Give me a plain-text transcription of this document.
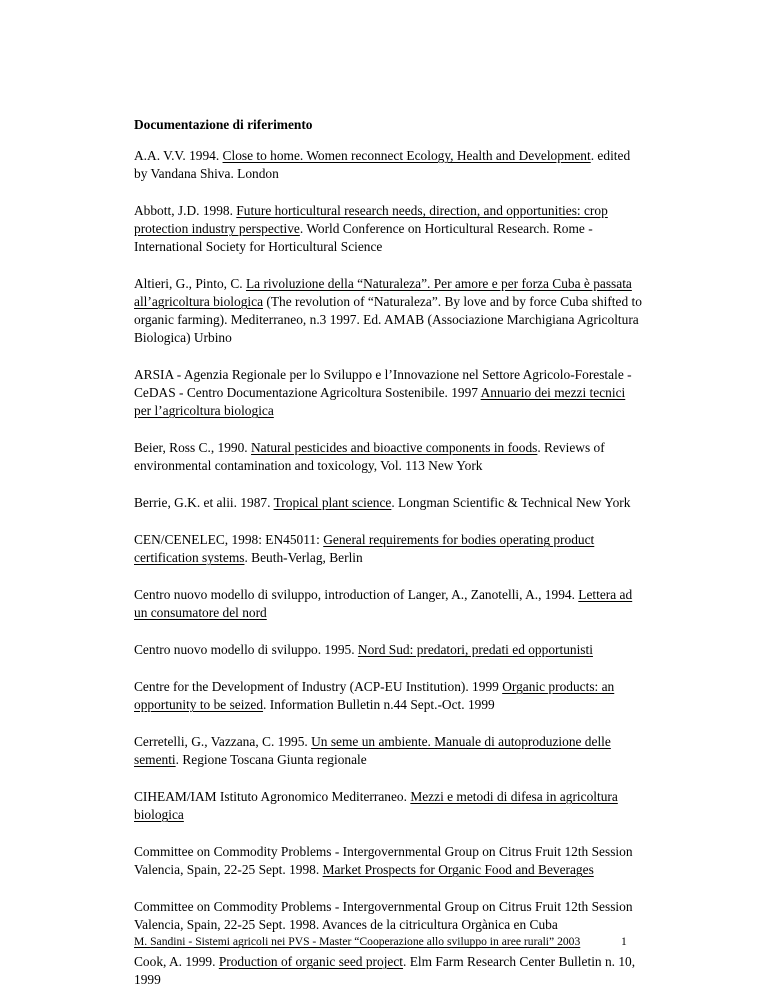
Documentazione di riferimento
A.A. V.V. 1994. Close to home. Women reconnect Ecology, Health and Development. edited by Vandana Shiva. London
Abbott, J.D. 1998. Future horticultural research needs, direction, and opportunities: crop protection industry perspective. World Conference on Horticultural Research. Rome - International Society for Horticultural Science
Altieri, G., Pinto, C. La rivoluzione della “Naturaleza”. Per amore e per forza Cuba è passata all’agricoltura biologica (The revolution of “Naturaleza”. By love and by force Cuba shifted to organic farming). Mediterraneo, n.3 1997. Ed. AMAB (Associazione Marchigiana Agricoltura Biologica) Urbino
ARSIA - Agenzia Regionale per lo Sviluppo e l’Innovazione nel Settore Agricolo-Forestale - CeDAS - Centro Documentazione Agricoltura Sostenibile. 1997 Annuario dei mezzi tecnici per l’agricoltura biologica
Beier, Ross C., 1990. Natural pesticides and bioactive components in foods. Reviews of environmental contamination and toxicology, Vol. 113 New York
Berrie, G.K. et alii. 1987. Tropical plant science. Longman Scientific & Technical New York
CEN/CENELEC, 1998: EN45011: General requirements for bodies operating product certification systems. Beuth-Verlag, Berlin
Centro nuovo modello di sviluppo, introduction of Langer, A., Zanotelli, A., 1994. Lettera ad un consumatore del nord
Centro nuovo modello di sviluppo. 1995. Nord Sud: predatori, predati ed opportunisti
Centre for the Development of Industry (ACP-EU Institution). 1999 Organic products: an opportunity to be seized. Information Bulletin n.44 Sept.-Oct. 1999
Cerretelli, G., Vazzana, C. 1995. Un seme un ambiente. Manuale di autoproduzione delle sementi. Regione Toscana Giunta regionale
CIHEAM/IAM Istituto Agronomico Mediterraneo. Mezzi e metodi di difesa in agricoltura biologica
Committee on Commodity Problems - Intergovernmental Group on Citrus Fruit 12th Session Valencia, Spain, 22-25 Sept. 1998. Market Prospects for Organic Food and Beverages
Committee on Commodity Problems - Intergovernmental Group on Citrus Fruit 12th Session Valencia, Spain, 22-25 Sept. 1998. Avances de la citricultura Orgànica en Cuba
Cook, A. 1999. Production of organic seed project. Elm Farm Research Center Bulletin n. 10, 1999
M. Sandini - Sistemi agricoli nei PVS - Master “Cooperazione allo sviluppo in aree rurali” 2003	1
